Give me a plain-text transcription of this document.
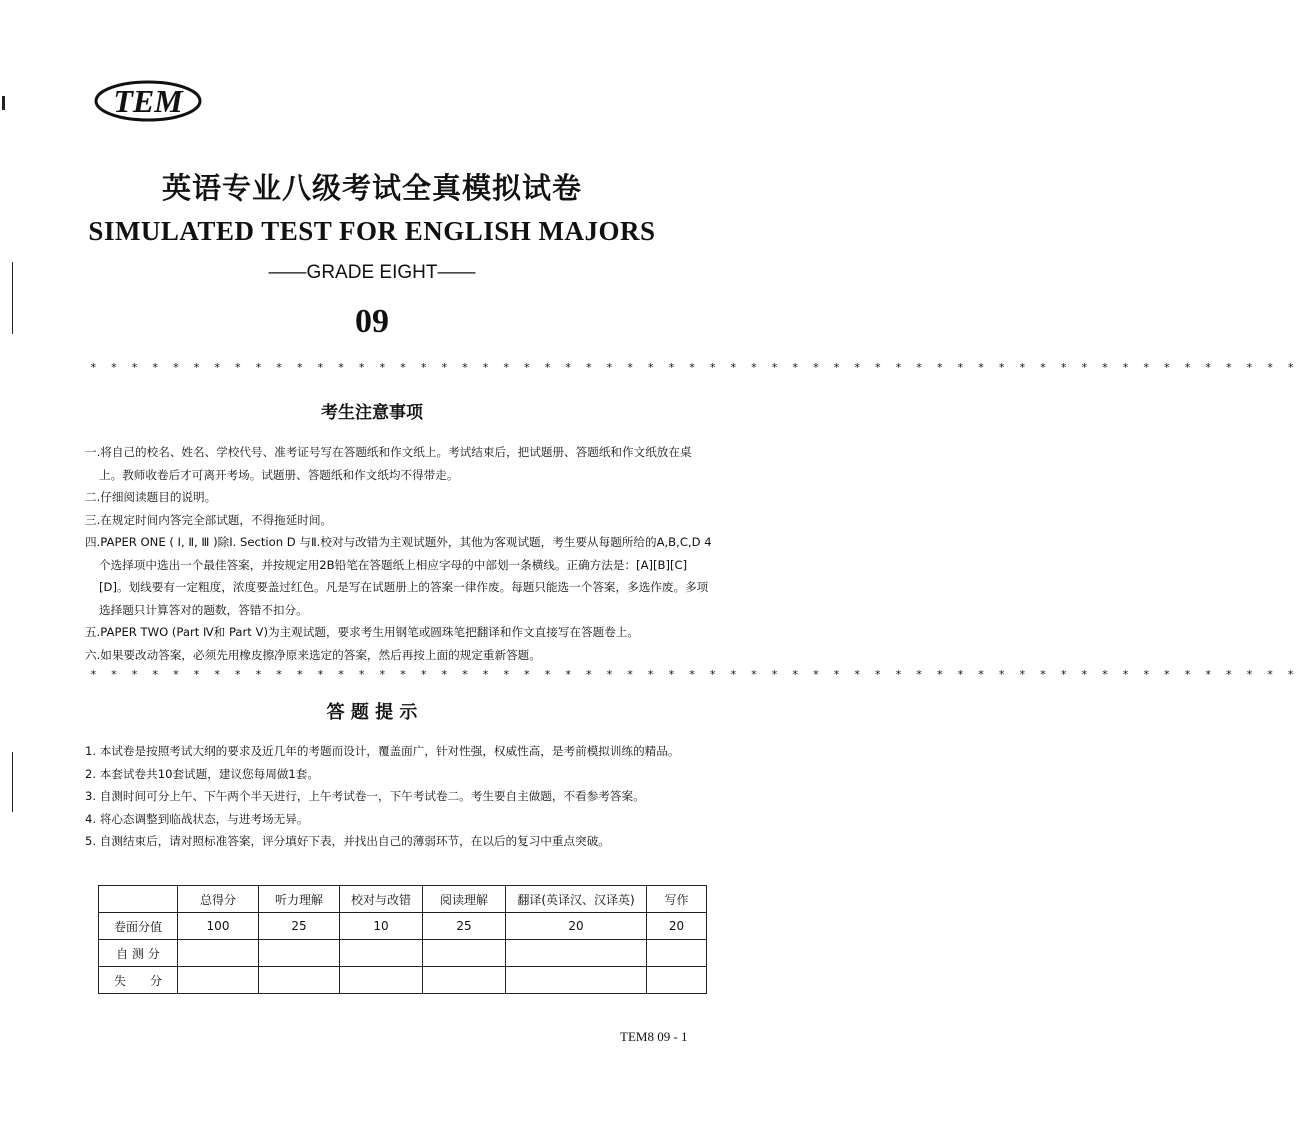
TEM
英语专业八级考试全真模拟试卷
SIMULATED TEST FOR ENGLISH MAJORS
——GRADE EIGHT——
09
* * * * * * * * * * * * * * * * * * * * * * * * * * * * * * * * * * * * * * * * * * * * * * * * * * * * * * * * * * *
考生注意事项

一.将自己的校名、姓名、学校代号、准考证号写在答题纸和作文纸上。考试结束后，把试题册、答题纸和作文纸放在桌上。教师收卷后才可离开考场。试题册、答题纸和作文纸均不得带走。

二.仔细阅读题目的说明。

三.在规定时间内答完全部试题，不得拖延时间。

四.PAPER ONE ( Ⅰ, Ⅱ, Ⅲ )除Ⅰ. Section D 与Ⅱ.校对与改错为主观试题外，其他为客观试题，考生要从每题所给的A,B,C,D 4个选择项中选出一个最佳答案，并按规定用2B铅笔在答题纸上相应字母的中部划一条横线。正确方法是：[A][B][C][D]。划线要有一定粗度，浓度要盖过红色。凡是写在试题册上的答案一律作废。每题只能选一个答案，多选作废。多项选择题只计算答对的题数，答错不扣分。

五.PAPER TWO (Part Ⅳ和 Part Ⅴ)为主观试题，要求考生用钢笔或圆珠笔把翻译和作文直接写在答题卷上。

六.如果要改动答案，必须先用橡皮擦净原来选定的答案，然后再按上面的规定重新答题。

* * * * * * * * * * * * * * * * * * * * * * * * * * * * * * * * * * * * * * * * * * * * * * * * * * * * * * * * * * *
答 题 提 示

1. 本试卷是按照考试大纲的要求及近几年的考题而设计，覆盖面广，针对性强，权威性高，是考前模拟训练的精品。

2. 本套试卷共10套试题，建议您每周做1套。

3. 自测时间可分上午、下午两个半天进行，上午考试卷一，下午考试卷二。考生要自主做题，不看参考答案。

4. 将心态调整到临战状态，与进考场无异。

5. 自测结束后，请对照标准答案，评分填好下表，并找出自己的薄弱环节，在以后的复习中重点突破。

	总得分	听力理解	校对与改错	阅读理解	翻译(英译汉、汉译英)	写作
卷面分值	100	25	10	25	20	20
自 测 分						
失　　分						
TEM8 09 - 1
